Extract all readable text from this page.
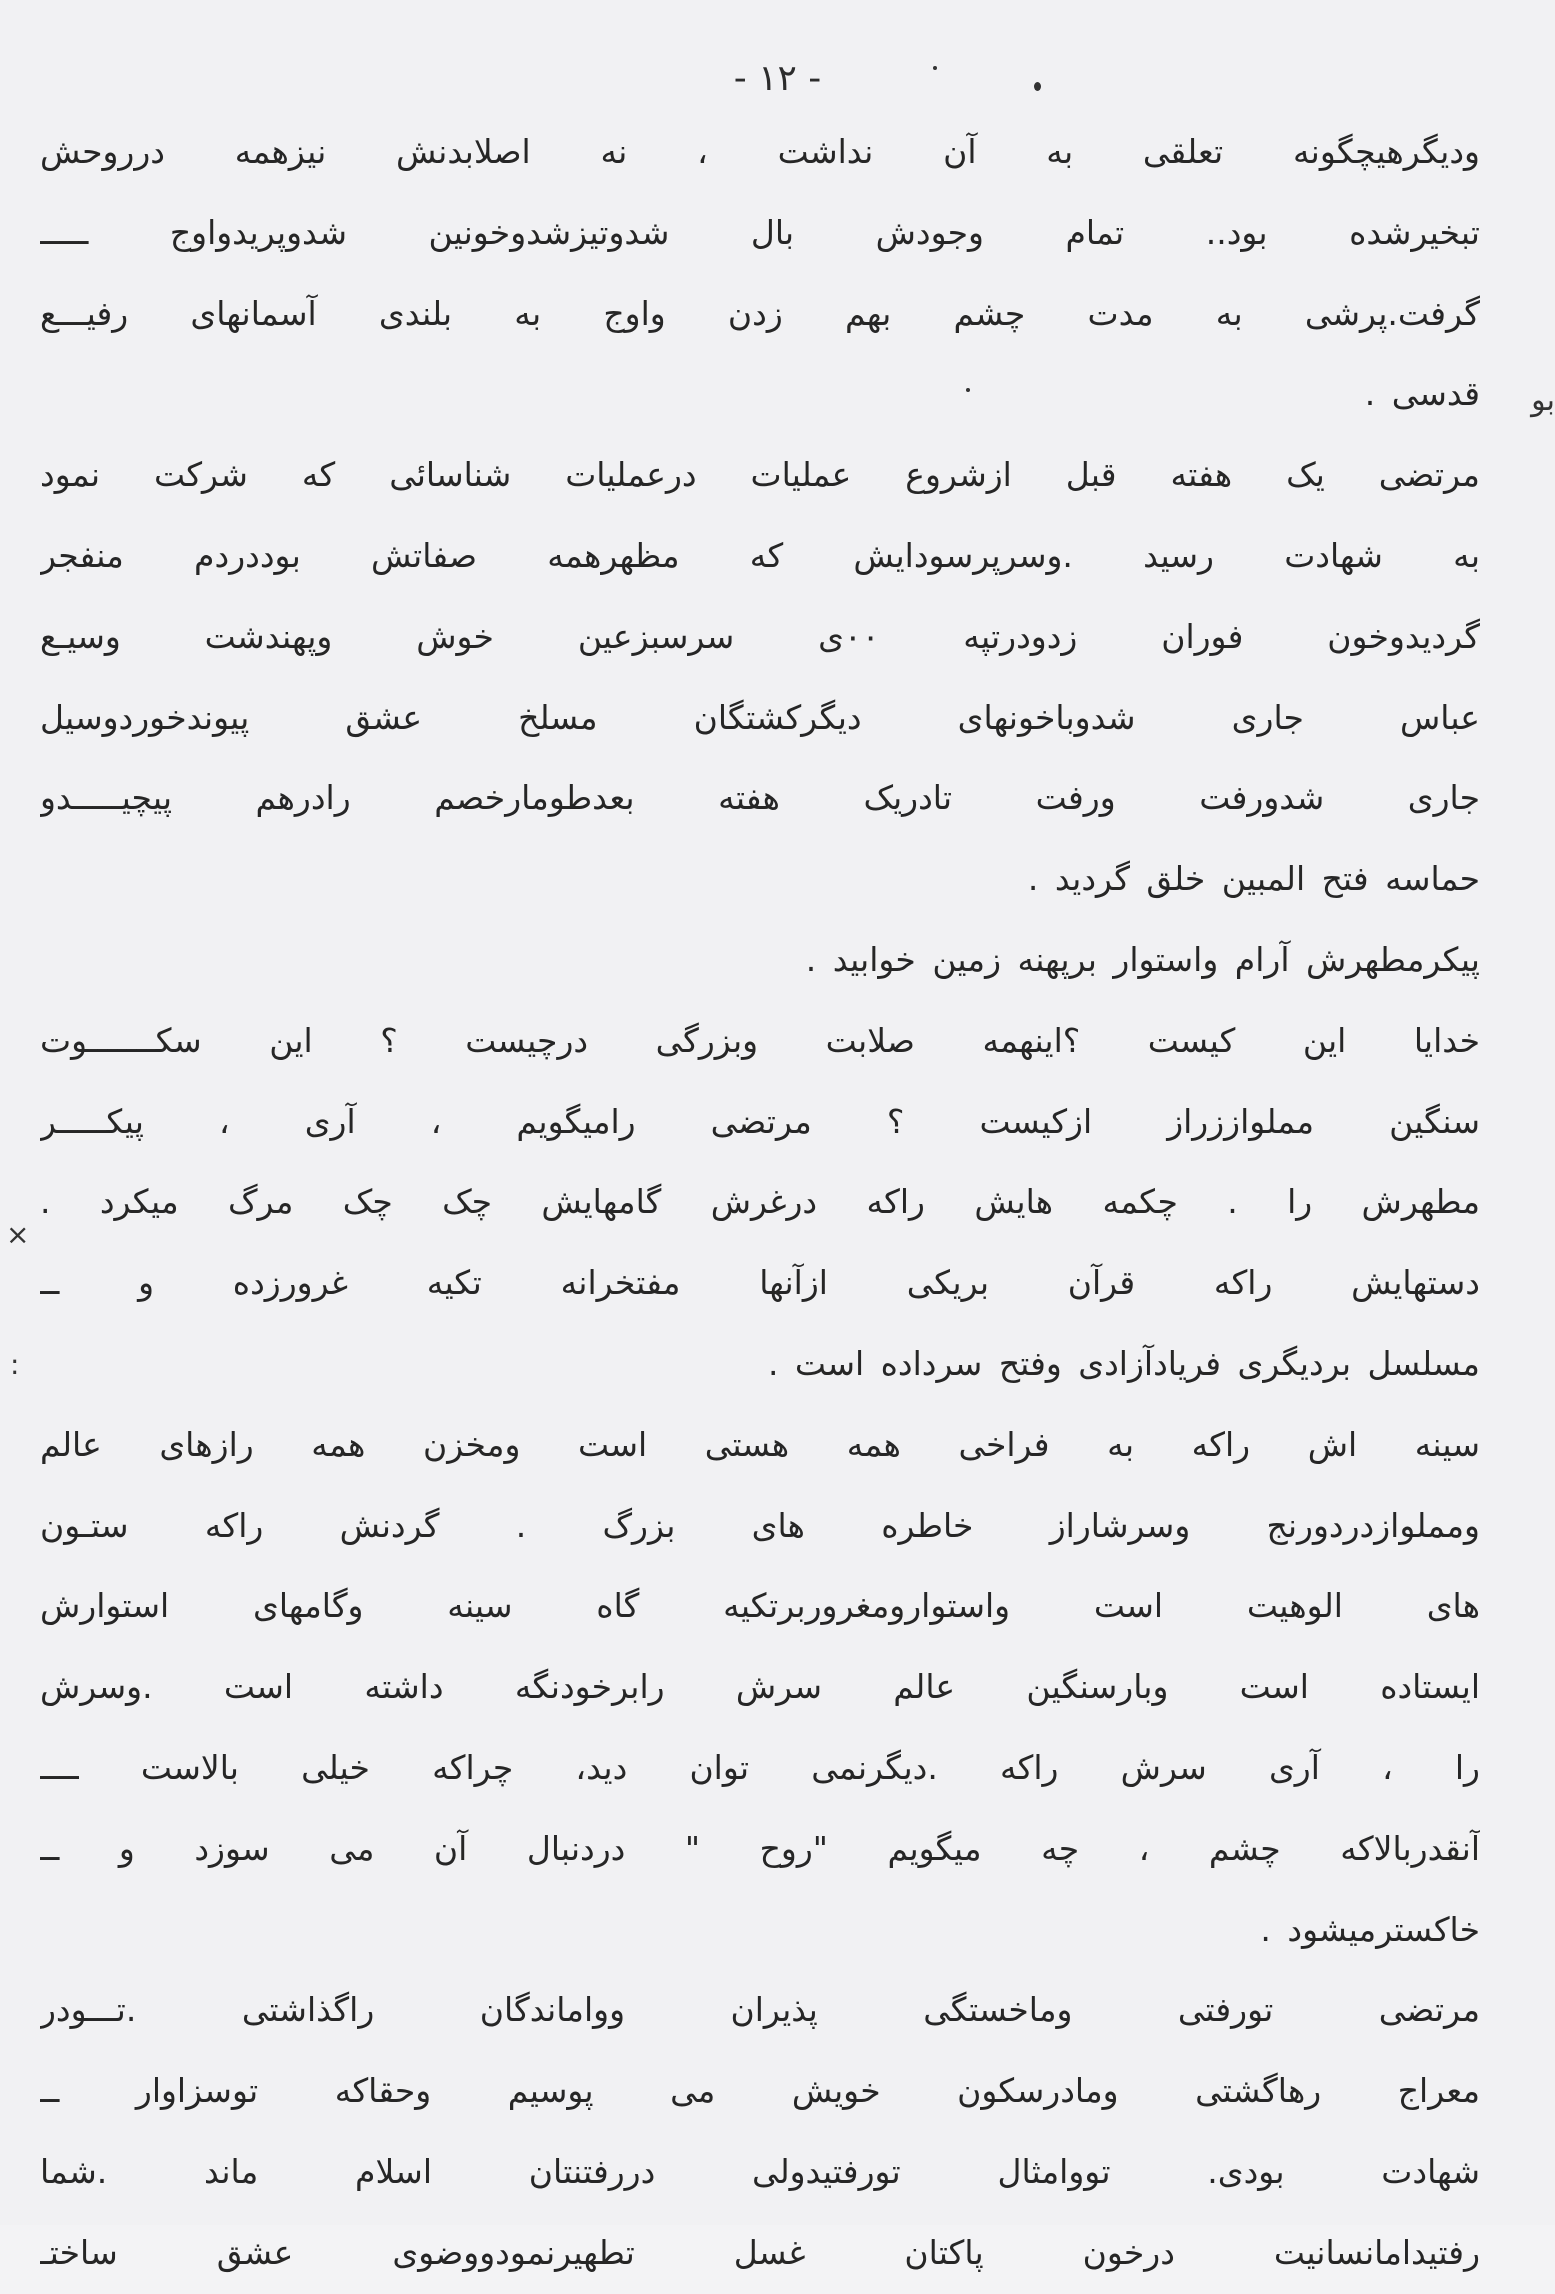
- ١٢ -
بو
×
:
ودیگرهیچگونه تعلقی به آن نداشت ، نه اصلابدنش نیزهمه درروحش
تبخیرشده بود.. تمام وجودش بال شدوتیزشدوخونین شدوپریدواوج ـــــ
گرفت.پرشی به مدت چشم بهم زدن واوج به بلندی آسمانهای رفیـــع
قدسی .
مرتضی یک هفته قبل ازشروع عملیات درعملیات شناسائی که شرکت نمود
به شهادت رسید .وسرپرسودایش که مظهرهمه صفاتش بوددردم منفجر
گردیدوخون فوران زدودرتپه ۰۰ی سرسبزعین خوش وپهندشت وسیـع
عباس جاری شدوباخونهای دیگرکشتگان مسلخ عشق پیوندخوردوسیل
جاری شدورفت ورفت تادریک هفته بعدطومارخصم رادرهم پیچیـــــدو
حماسه فتح المبین خلق گردید .
پیکرمطهرش آرام واستوار برپهنه زمین خوابید .
خدایا این کیست ؟اینهمه صلابت وبزرگی درچیست ؟ این سکـــــــوت
سنگین مملواززراز ازکیست ؟ مرتضی رامیگویم ، آری ، پیکـــــر
مطهرش را . چکمه هایش راکه درغرش گامهایش چک چک مرگ میکرد .
دستهایش راکه قرآن بریکی ازآنها مفتخرانه تکیه غرورزده و ــ
مسلسل بردیگری فریادآزادی وفتح سرداده است .
سینه اش راکه به فراخی همه هستی است ومخزن همه رازهای عالم
ومملوازدردورنج وسرشاراز خاطره های بزرگ . گردنش راکه ستـون
های الوهیت است واستوارومغروربرتکیه گاه سینه وگامهای استوارش
ایستاده است وبارسنگین عالم سرش رابرخودنگه داشته است .وسرش
را ، آری سرش راکه .دیگرنمی توان دید، چراکه خیلی بالاست ــــ
آنقدربالاکه چشم ، چه میگویم "روح " دردنبال آن می سوزد و ــ
خاکسترمیشود .
مرتضی تورفتی وماخستگی پذیران وواماندگان راگذاشتی .تـــودر
معراج رهاگشتی ومادرسکون خویش می پوسیم وحقاکه توسزاوار ــ
شهادت بودی. تووامثال تورفتیدولی دررفتنتان اسلام ماند .شما
رفتیدامانسانیت درخون پاکتان غسل تطهیرنمودووضوی عشق ساختـ
